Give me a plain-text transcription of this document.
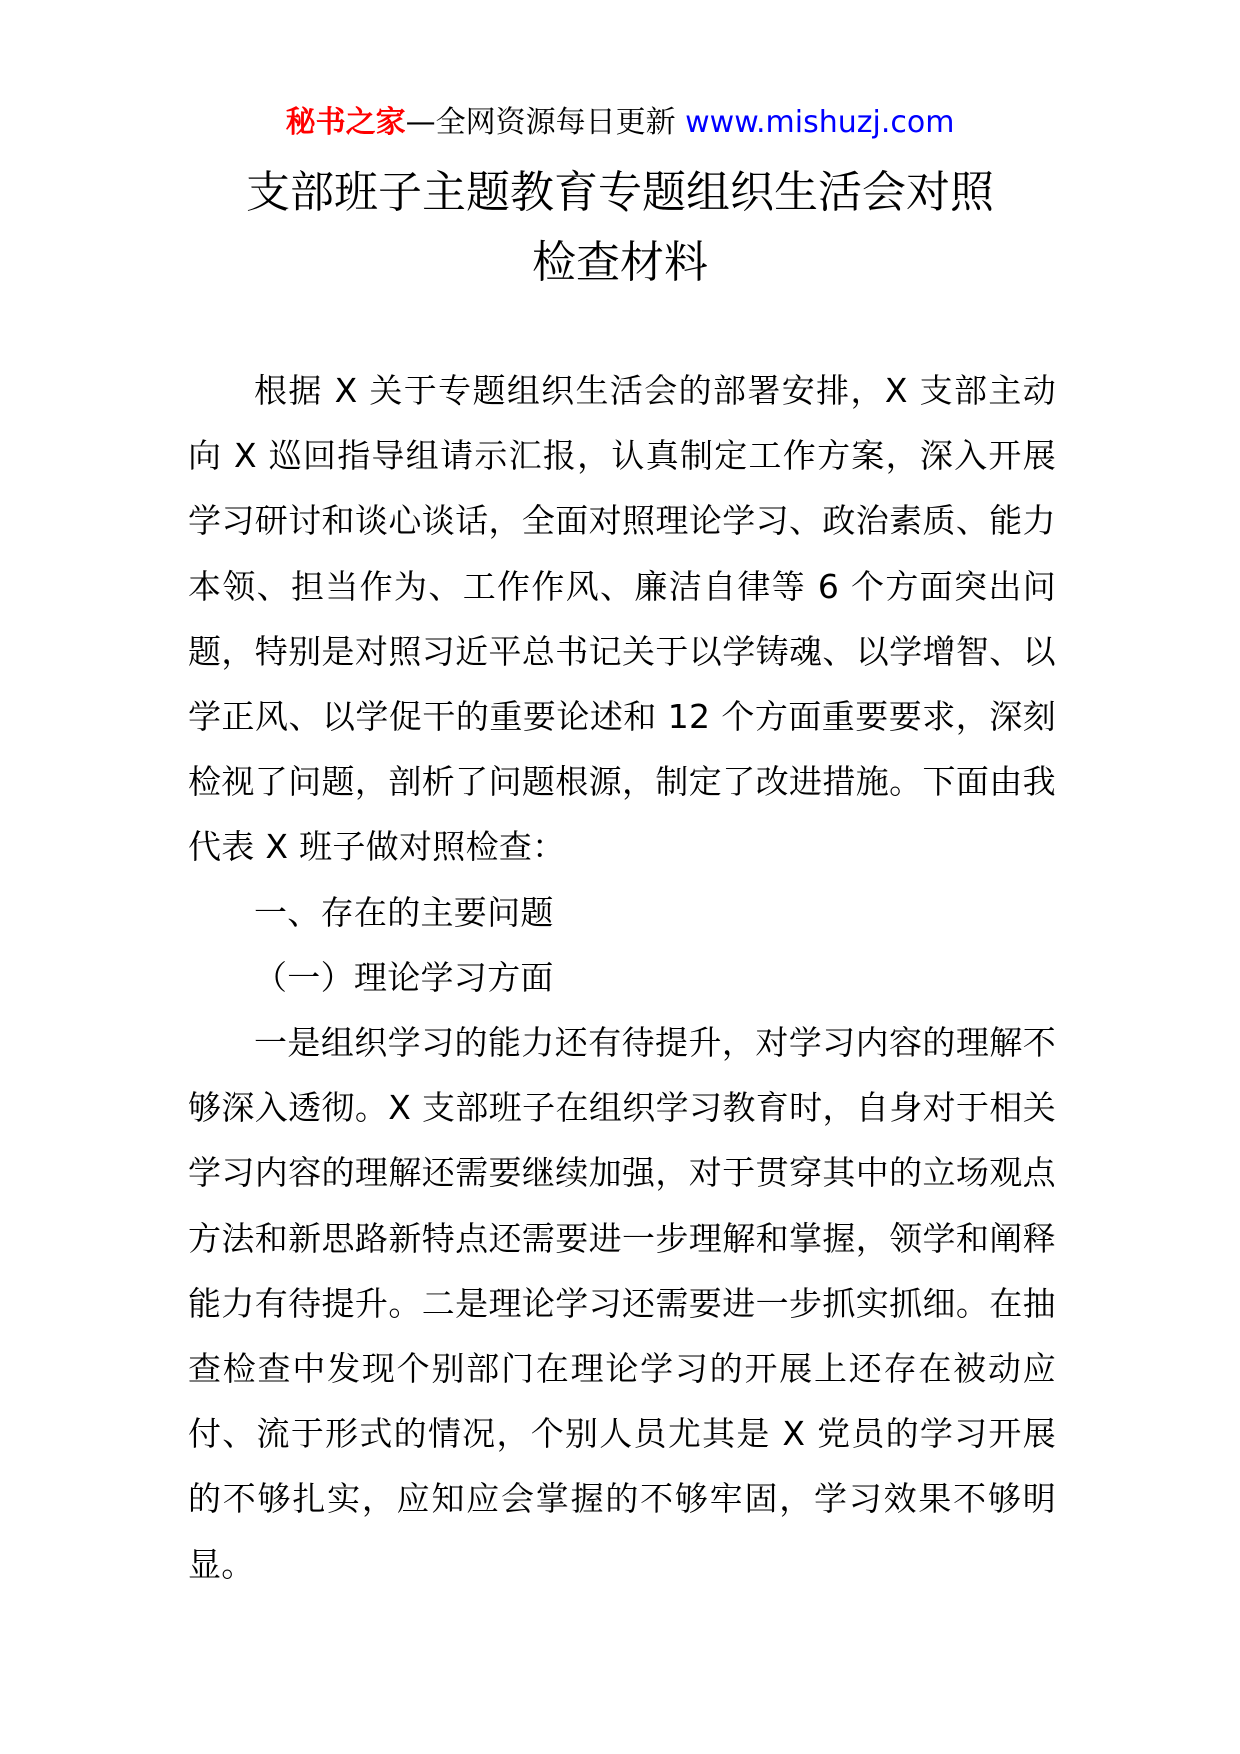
秘书之家—全网资源每日更新 www.mishuzj.com
支部班子主题教育专题组织生活会对照
检查材料

根据 X 关于专题组织生活会的部署安排，X 支部主动向 X 巡回指导组请示汇报，认真制定工作方案，深入开展学习研讨和谈心谈话，全面对照理论学习、政治素质、能力本领、担当作为、工作作风、廉洁自律等 6 个方面突出问题，特别是对照习近平总书记关于以学铸魂、以学增智、以学正风、以学促干的重要论述和 12 个方面重要要求，深刻检视了问题，剖析了问题根源，制定了改进措施。下面由我代表 X 班子做对照检查：

一、存在的主要问题

（一）理论学习方面

一是组织学习的能力还有待提升，对学习内容的理解不够深入透彻。X 支部班子在组织学习教育时，自身对于相关学习内容的理解还需要继续加强，对于贯穿其中的立场观点方法和新思路新特点还需要进一步理解和掌握，领学和阐释能力有待提升。二是理论学习还需要进一步抓实抓细。在抽查检查中发现个别部门在理论学习的开展上还存在被动应付、流于形式的情况，个别人员尤其是 X 党员的学习开展的不够扎实，应知应会掌握的不够牢固，学习效果不够明显。
